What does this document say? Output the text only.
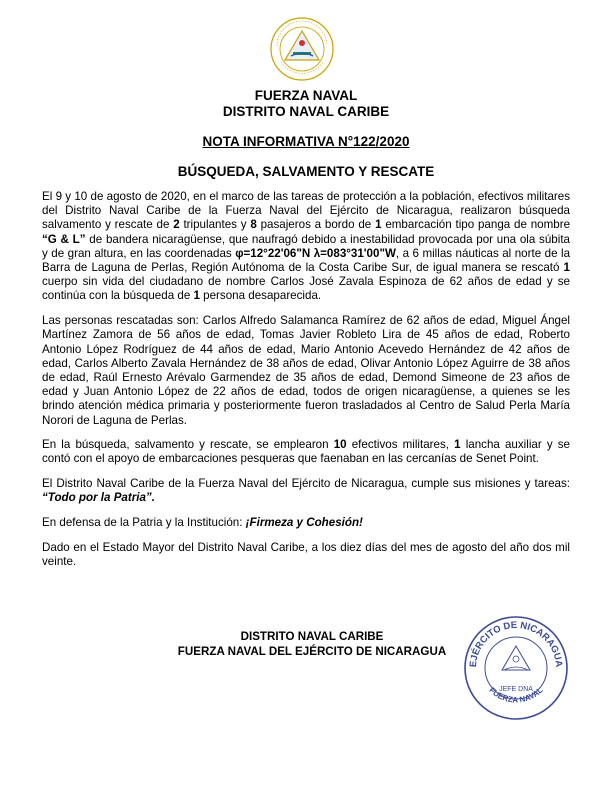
FUERZA NAVAL
DISTRITO NAVAL CARIBE
NOTA INFORMATIVA N°122/2020
BÚSQUEDA, SALVAMENTO Y RESCATE

El 9 y 10 de agosto de 2020, en el marco de las tareas de protección a la población, efectivos militares del Distrito Naval Caribe de la Fuerza Naval del Ejército de Nicaragua, realizaron búsqueda salvamento y rescate de 2 tripulantes y 8 pasajeros a bordo de 1 embarcación tipo panga de nombre “G & L” de bandera nicaragüense, que naufragó debido a inestabilidad provocada por una ola súbita y de gran altura, en las coordenadas φ=12°22'06"N λ=083°31'00"W, a 6 millas náuticas al norte de la Barra de Laguna de Perlas, Región Autónoma de la Costa Caribe Sur, de igual manera se rescató 1 cuerpo sin vida del ciudadano de nombre Carlos José Zavala Espinoza de 62 años de edad y se continúa con la búsqueda de 1 persona desaparecida.

Las personas rescatadas son: Carlos Alfredo Salamanca Ramírez de 62 años de edad, Miguel Ángel Martínez Zamora de 56 años de edad, Tomas Javier Robleto Lira de 45 años de edad, Roberto Antonio López Rodríguez de 44 años de edad, Mario Antonio Acevedo Hernández de 42 años de edad, Carlos Alberto Zavala Hernández de 38 años de edad, Olivar Antonio López Aguirre de 38 años de edad, Raúl Ernesto Arévalo Garmendez de 35 años de edad, Demond Simeone de 23 años de edad y Juan Antonio López de 22 años de edad, todos de origen nicaragüense, a quienes se les brindo atención médica primaria y posteriormente fueron trasladados al Centro de Salud Perla María Norori de Laguna de Perlas.

En la búsqueda, salvamento y rescate, se emplearon 10 efectivos militares, 1 lancha auxiliar y se contó con el apoyo de embarcaciones pesqueras que faenaban en las cercanías de Senet Point.

El Distrito Naval Caribe de la Fuerza Naval del Ejército de Nicaragua, cumple sus misiones y tareas: “Todo por la Patria”.

En defensa de la Patria y la Institución: ¡Firmeza y Cohesión!

Dado en el Estado Mayor del Distrito Naval Caribe, a los diez días del mes de agosto del año dos mil veinte.

DISTRITO NAVAL CARIBE
FUERZA NAVAL DEL EJÉRCITO DE NICARAGUA
EJÉRCITO DE NICARAGUA
FUERZA NAVAL
JEFE DNA
